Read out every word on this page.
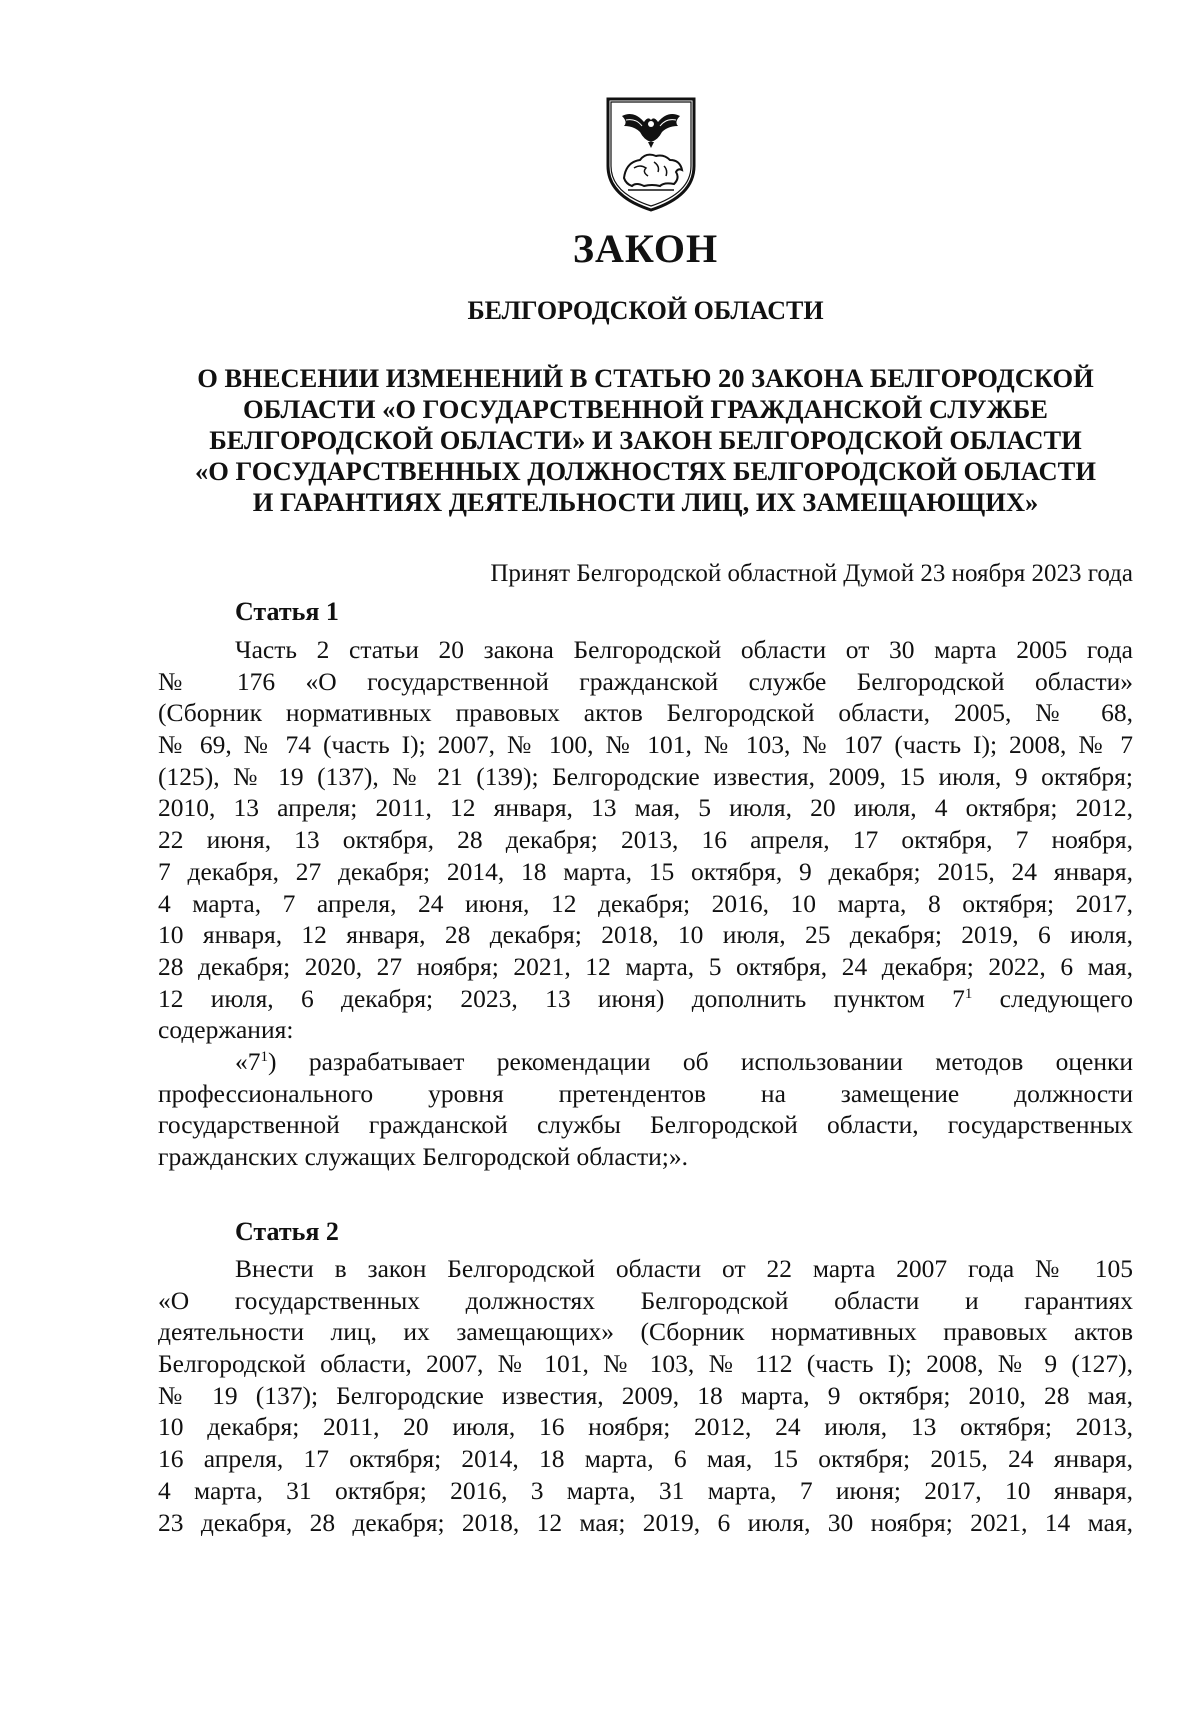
ЗАКОН
БЕЛГОРОДСКОЙ ОБЛАСТИ
О ВНЕСЕНИИ ИЗМЕНЕНИЙ В СТАТЬЮ 20 ЗАКОНА БЕЛГОРОДСКОЙ
ОБЛАСТИ «О ГОСУДАРСТВЕННОЙ ГРАЖДАНСКОЙ СЛУЖБЕ
БЕЛГОРОДСКОЙ ОБЛАСТИ» И ЗАКОН БЕЛГОРОДСКОЙ ОБЛАСТИ
«О ГОСУДАРСТВЕННЫХ ДОЛЖНОСТЯХ БЕЛГОРОДСКОЙ ОБЛАСТИ
И ГАРАНТИЯХ ДЕЯТЕЛЬНОСТИ ЛИЦ, ИХ ЗАМЕЩАЮЩИХ»

Принят Белгородской областной Думой 23 ноября 2023 года

Статья 1
Часть 2 статьи 20 закона Белгородской области от 30 марта 2005 года
№ 176 «О государственной гражданской службе Белгородской области»
(Сборник нормативных правовых актов Белгородской области, 2005, № 68,
№ 69, № 74 (часть I); 2007, № 100, № 101, № 103, № 107 (часть I); 2008, № 7
(125), № 19 (137), № 21 (139); Белгородские известия, 2009, 15 июля, 9 октября;
2010, 13 апреля; 2011, 12 января, 13 мая, 5 июля, 20 июля, 4 октября; 2012,
22 июня, 13 октября, 28 декабря; 2013, 16 апреля, 17 октября, 7 ноября,
7 декабря, 27 декабря; 2014, 18 марта, 15 октября, 9 декабря; 2015, 24 января,
4 марта, 7 апреля, 24 июня, 12 декабря; 2016, 10 марта, 8 октября; 2017,
10 января, 12 января, 28 декабря; 2018, 10 июля, 25 декабря; 2019, 6 июля,
28 декабря; 2020, 27 ноября; 2021, 12 марта, 5 октября, 24 декабря; 2022, 6 мая,
12 июля, 6 декабря; 2023, 13 июня) дополнить пунктом $7^1$ следующего
содержания:
«$7^1$) разрабатывает рекомендации об использовании методов оценки
профессионального уровня претендентов на замещение должности
государственной гражданской службы Белгородской области, государственных
гражданских служащих Белгородской области;».
Статья 2
Внести в закон Белгородской области от 22 марта 2007 года № 105
«О государственных должностях Белгородской области и гарантиях
деятельности лиц, их замещающих» (Сборник нормативных правовых актов
Белгородской области, 2007, № 101, № 103, № 112 (часть I); 2008, № 9 (127),
№ 19 (137); Белгородские известия, 2009, 18 марта, 9 октября; 2010, 28 мая,
10 декабря; 2011, 20 июля, 16 ноября; 2012, 24 июля, 13 октября; 2013,
16 апреля, 17 октября; 2014, 18 марта, 6 мая, 15 октября; 2015, 24 января,
4 марта, 31 октября; 2016, 3 марта, 31 марта, 7 июня; 2017, 10 января,
23 декабря, 28 декабря; 2018, 12 мая; 2019, 6 июля, 30 ноября; 2021, 14 мая,
